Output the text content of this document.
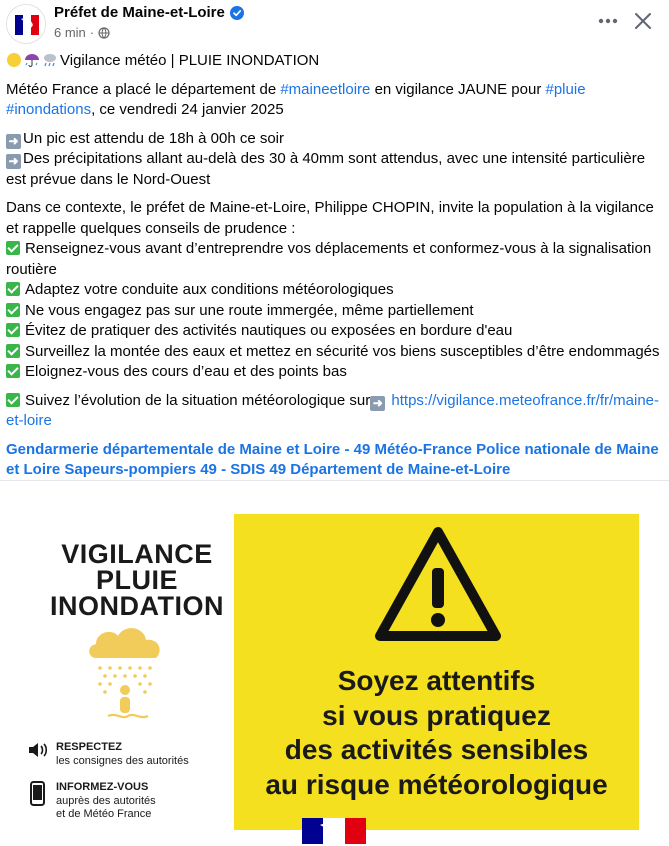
Préfet de Maine-et-Loire
6 min ·

Vigilance météo | PLUIE INONDATION

Météo France a placé le département de #maineetloire en vigilance JAUNE pour #pluie #inondations, ce vendredi 24 janvier 2025

➜ Un pic est attendu de 18h à 00h ce soir
➜ Des précipitations allant au-delà des 30 à 40mm sont attendus, avec une intensité particulière est prévue dans le Nord-Ouest

Dans ce contexte, le préfet de Maine-et-Loire, Philippe CHOPIN, invite la population à la vigilance et rappelle quelques conseils de prudence :

Renseignez-vous avant d’entreprendre vos déplacements et conformez-vous à la signalisation routière
Adaptez votre conduite aux conditions météorologiques
Ne vous engagez pas sur une route immergée, même partiellement
Évitez de pratiquer des activités nautiques ou exposées en bordure d'eau
Surveillez la montée des eaux et mettez en sécurité vos biens susceptibles d’être endommagés
Eloignez-vous des cours d’eau et des points bas

Suivez l’évolution de la situation météorologique sur ➜ https://vigilance.meteofrance.fr/fr/maine-et-loire

Gendarmerie départementale de Maine et Loire - 49 Météo-France Police nationale de Maine et Loire Sapeurs-pompiers 49 - SDIS 49 Département de Maine-et-Loire

VIGILANCE
PLUIE
INONDATION
RESPECTEZ
les consignes des autorités
INFORMEZ-VOUS
auprès des autorités
et de Météo France
Soyez attentifs
si vous pratiquez
des activités sensibles
au risque météorologique
